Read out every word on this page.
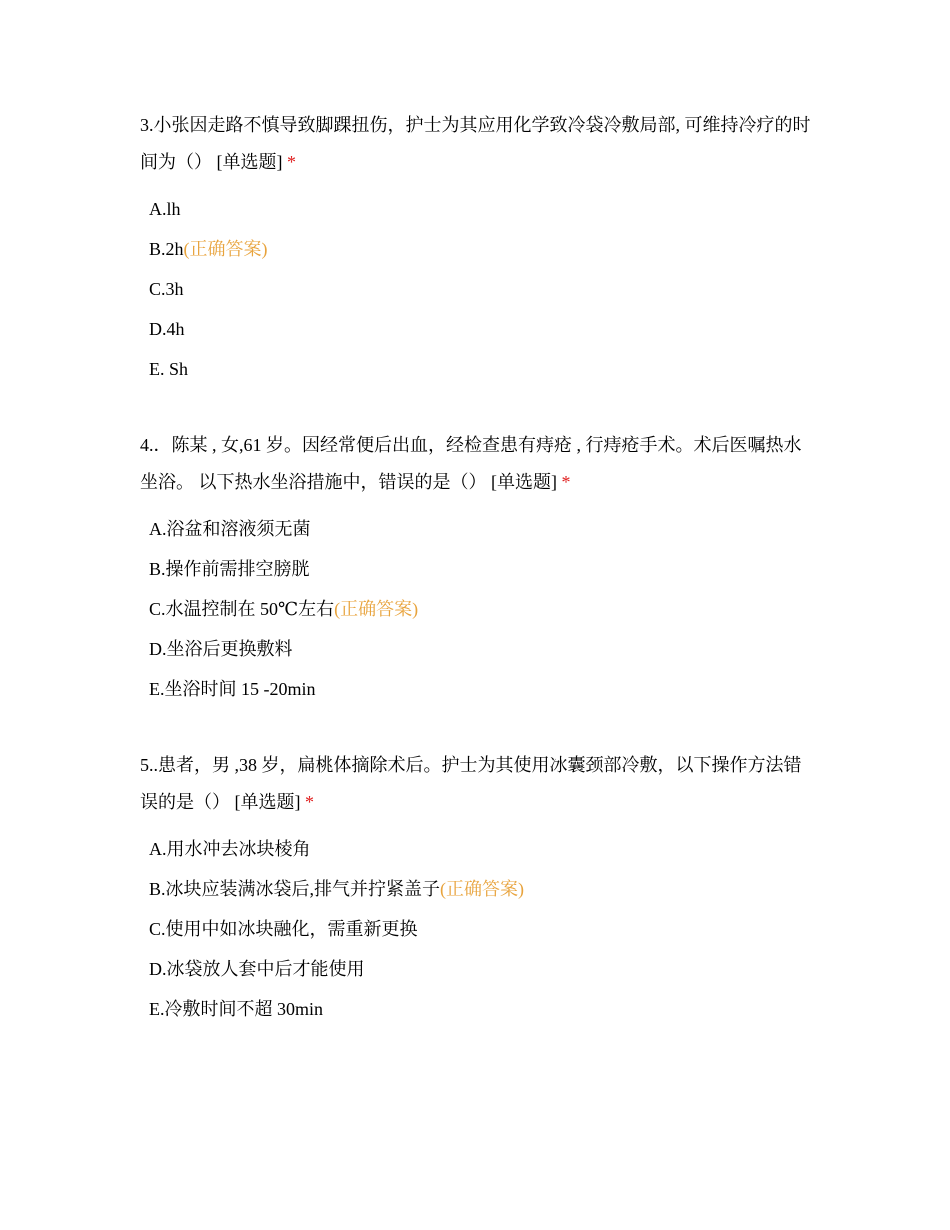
3.小张因走路不慎导致脚踝扭伤，护士为其应用化学致冷袋冷敷局部, 可维持冷疗的时间为（） [单选题] *

A.lh
B.2h(正确答案)
C.3h
D.4h
E. Sh

4.．陈某 , 女,61 岁。因经常便后出血，经检查患有痔疮 , 行痔疮手术。术后医嘱热水坐浴。 以下热水坐浴措施中，错误的是（） [单选题] *

A.浴盆和溶液须无菌
B.操作前需排空膀胱
C.水温控制在 50℃左右(正确答案)
D.坐浴后更换敷料
E.坐浴时间 15 -20min

5..患者，男 ,38 岁，扁桃体摘除术后。护士为其使用冰囊颈部冷敷，以下操作方法错误的是（） [单选题] *

A.用水冲去冰块棱角
B.冰块应装满冰袋后,排气并拧紧盖子(正确答案)
C.使用中如冰块融化，需重新更换
D.冰袋放人套中后才能使用
E.冷敷时间不超 30min
